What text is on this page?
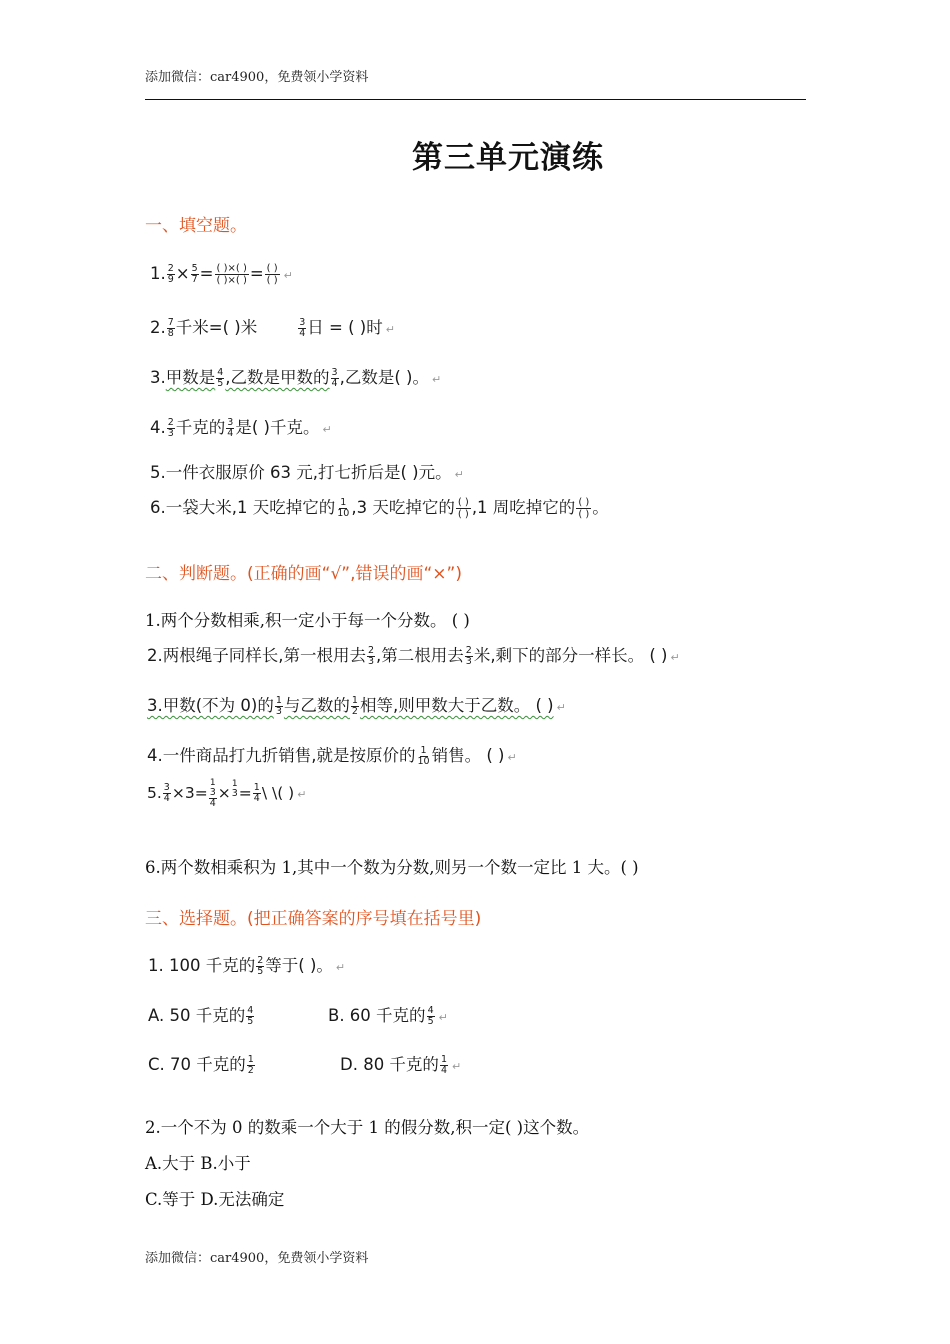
添加微信：car4900，免费领小学资料
第三单元演练
一、填空题。
1. $\frac{2}{9} \times \frac{5}{7}$ = ( )×( )
( )×( ) = ( )
( ) ↵
2. $\frac{7}{8}$ 千米=( )米	$\frac{3}{4}$ 日 = ( )时 ↵
3.甲数是 $\frac{4}{5}$ ,乙数是甲数的 $\frac{3}{4}$ ,乙数是( )。 ↵
4. $\frac{2}{3}$ 千克的 $\frac{3}{4}$ 是( )千克。 ↵
5.一件衣服原价 63 元,打七折后是( )元。 ↵
6.一袋大米,1 天吃掉它的 $\frac{1}{10} ,3$ 天吃掉它的 ( )
( ) ,1 周吃掉它的 ( )
( ) 。
二、判断题。(正确的画“√”,错误的画“×”)
1.两个分数相乘,积一定小于每一个分数。 ( )
2.两根绳子同样长,第一根用去 $\frac{2}{3}$ ,第二根用去 $\frac{2}{3}$ 米,剩下的部分一样长。 ( ) ↵
3.甲数(不为 0)的 $\frac{1}{3}$ 与乙数的 $\frac{1}{2}$ 相等,则甲数大于乙数。 ( ) ↵
4.一件商品打九折销售,就是按原价的 $\frac{1}{10}$ 销售。 ( ) ↵
5. $\frac{3}{4} \times 3=$
1
3
4
×
1
3
= $\frac{1}{4}$ \ \( ) ↵
6.两个数相乘积为 1,其中一个数为分数,则另一个数一定比 1 大。( )
三、选择题。(把正确答案的序号填在括号里)
1. 100 千克的 $\frac{2}{5}$ 等于( )。 ↵
A. 50 千克的 $\frac{4}{5}$	B. 60 千克的 $\frac{4}{5}$ ↵
C. 70 千克的 $\frac{1}{2}$	D. 80 千克的 $\frac{1}{4}$ ↵
2.一个不为 0 的数乘一个大于 1 的假分数,积一定( )这个数。
A.大于 B.小于
C.等于 D.无法确定
添加微信：car4900，免费领小学资料
